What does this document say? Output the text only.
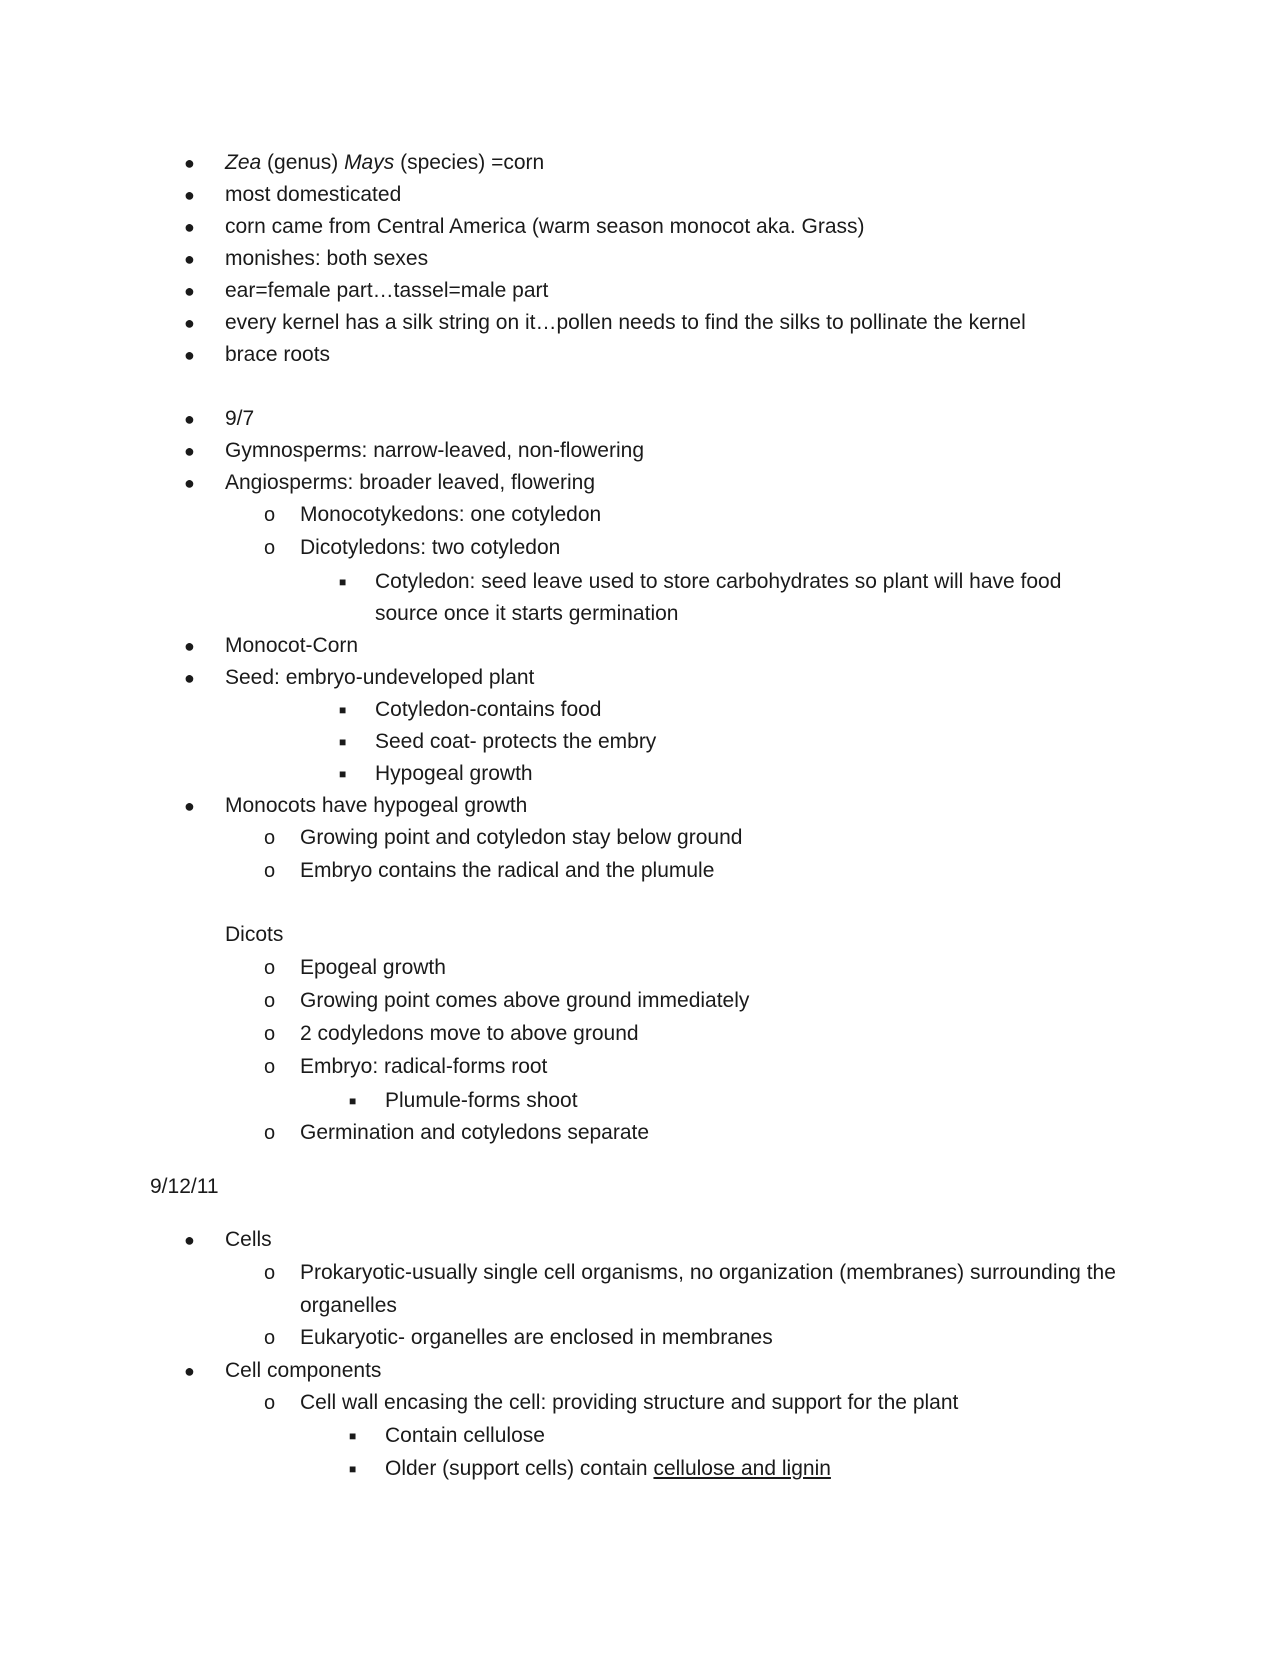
● Zea (genus) Mays (species) =corn
● most domesticated
● corn came from Central America (warm season monocot aka. Grass)
● monishes: both sexes
● ear=female part…tassel=male part
● every kernel has a silk string on it…pollen needs to find the silks to pollinate the kernel
● brace roots
● 9/7
● Gymnosperms: narrow-leaved, non-flowering
● Angiosperms: broader leaved, flowering
o Monocotykedons: one cotyledon
o Dicotyledons: two cotyledon
■ Cotyledon: seed leave used to store carbohydrates so plant will have food
source once it starts germination
● Monocot-Corn
● Seed: embryo-undeveloped plant
■ Cotyledon-contains food
■ Seed coat- protects the embry
■ Hypogeal growth
● Monocots have hypogeal growth
o Growing point and cotyledon stay below ground
o Embryo contains the radical and the plumule
Dicots
o Epogeal growth
o Growing point comes above ground immediately
o 2 codyledons move to above ground
o Embryo: radical-forms root
■ Plumule-forms shoot
o Germination and cotyledons separate
9/12/11
● Cells
o Prokaryotic-usually single cell organisms, no organization (membranes) surrounding the
organelles
o Eukaryotic- organelles are enclosed in membranes
● Cell components
o Cell wall encasing the cell: providing structure and support for the plant
■ Contain cellulose
■ Older (support cells) contain cellulose and lignin
